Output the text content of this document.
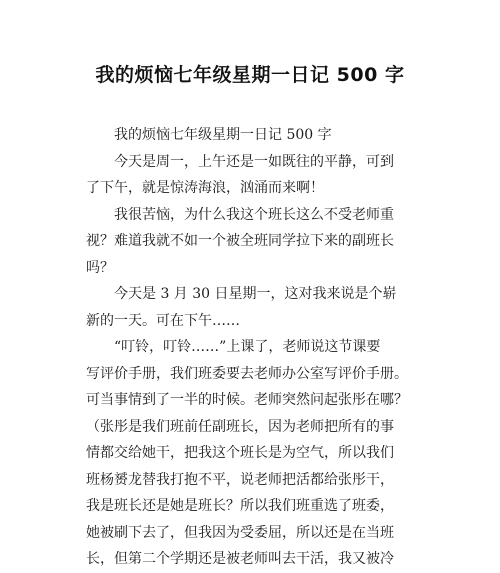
我的烦恼七年级星期一日记 500 字
　　我的烦恼七年级星期一日记 500 字
　　今天是周一，上午还是一如既往的平静，可到
了下午，就是惊涛海浪，汹涌而来啊！
　　我很苦恼，为什么我这个班长这么不受老师重
视？难道我就不如一个被全班同学拉下来的副班长
吗？
　　今天是 3 月 30 日星期一，这对我来说是个崭
新的一天。可在下午……
　　“叮铃，叮铃……”上课了，老师说这节课要
写评价手册，我们班委要去老师办公室写评价手册。
可当事情到了一半的时候。老师突然问起张彤在哪？
（张彤是我们班前任副班长，因为老师把所有的事
情都交给她干，把我这个班长是为空气，所以我们
班杨赟龙替我打抱不平，说老师把活都给张彤干，
我是班长还是她是班长？所以我们班重选了班委，
她被刷下去了，但我因为受委屈，所以还是在当班
长，但第二个学期还是被老师叫去干活，我又被冷
